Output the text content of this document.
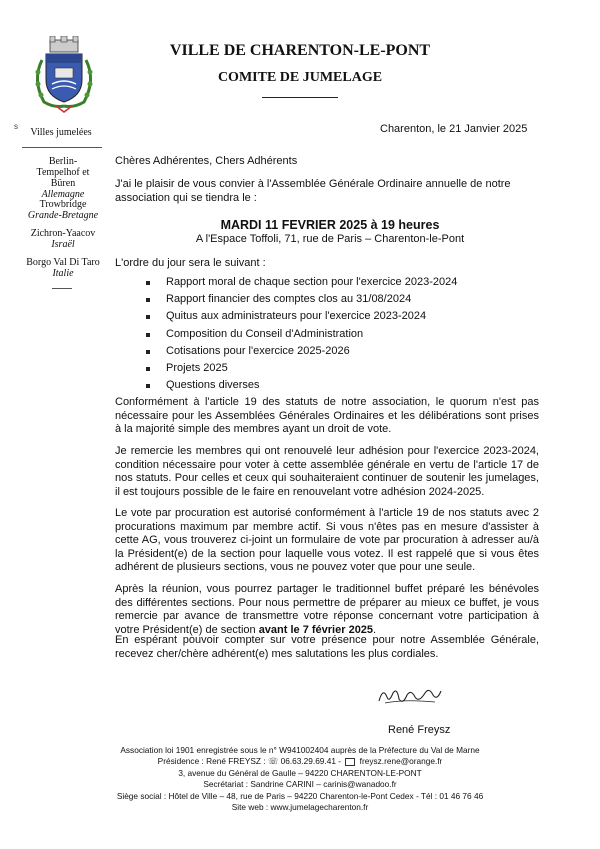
VILLE DE CHARENTON-LE-PONT
COMITE DE JUMELAGE
s
Villes jumelées
Berlin-Tempelhof et Büren
Allemagne
Trowbridge
Grande-Bretagne
Zichron-Yaacov
Israël
Borgo Val Di Taro
Italie
Charenton, le 21 Janvier 2025
Chères Adhérentes, Chers Adhérents
J'ai le plaisir de vous convier à l'Assemblée Générale Ordinaire annuelle de notre association qui se tiendra le :
MARDI 11 FEVRIER 2025 à 19 heures
A l'Espace Toffoli, 71, rue de Paris – Charenton-le-Pont
L'ordre du jour sera le suivant :
Rapport moral de chaque section pour l'exercice 2023-2024
Rapport financier des comptes clos au 31/08/2024
Quitus aux administrateurs pour l'exercice 2023-2024
Composition du Conseil d'Administration
Cotisations pour l'exercice 2025-2026
Projets 2025
Questions diverses
Conformément à l'article 19 des statuts de notre association, le quorum n'est pas nécessaire pour les Assemblées Générales Ordinaires et les délibérations sont prises à la majorité simple des membres ayant un droit de vote.
Je remercie les membres qui ont renouvelé leur adhésion pour l'exercice 2023-2024, condition nécessaire pour voter à cette assemblée générale en vertu de l'article 17 de nos statuts. Pour celles et ceux qui souhaiteraient continuer de soutenir les jumelages, il est toujours possible de le faire en renouvelant votre adhésion 2024-2025.
Le vote par procuration est autorisé conformément à l'article 19 de nos statuts avec 2 procurations maximum par membre actif. Si vous n'êtes pas en mesure d'assister à cette AG, vous trouverez ci-joint un formulaire de vote par procuration à adresser au/à la Président(e) de la section pour laquelle vous votez. Il est rappelé que si vous êtes adhérent de plusieurs sections, vous ne pouvez voter que pour une seule.
Après la réunion, vous pourrez partager le traditionnel buffet préparé les bénévoles des différentes sections. Pour nous permettre de préparer au mieux ce buffet, je vous remercie par avance de transmettre votre réponse concernant votre participation à votre Président(e) de section avant le 7 février 2025.
En espérant pouvoir compter sur votre présence pour notre Assemblée Générale, recevez cher/chère adhérent(e) mes salutations les plus cordiales.
René Freysz
Association loi 1901 enregistrée sous le n° W941002404 auprès de la Préfecture du Val de Marne
Présidence : René FREYSZ : ☏ 06.63.29.69.41 - freysz.rene@orange.fr
3, avenue du Général de Gaulle – 94220 CHARENTON-LE-PONT
Secrétariat : Sandrine CARINI – carinis@wanadoo.fr
Siège social : Hôtel de Ville – 48, rue de Paris – 94220 Charenton-le-Pont Cedex - Tél : 01 46 76 46
Site web : www.jumelagecharenton.fr
